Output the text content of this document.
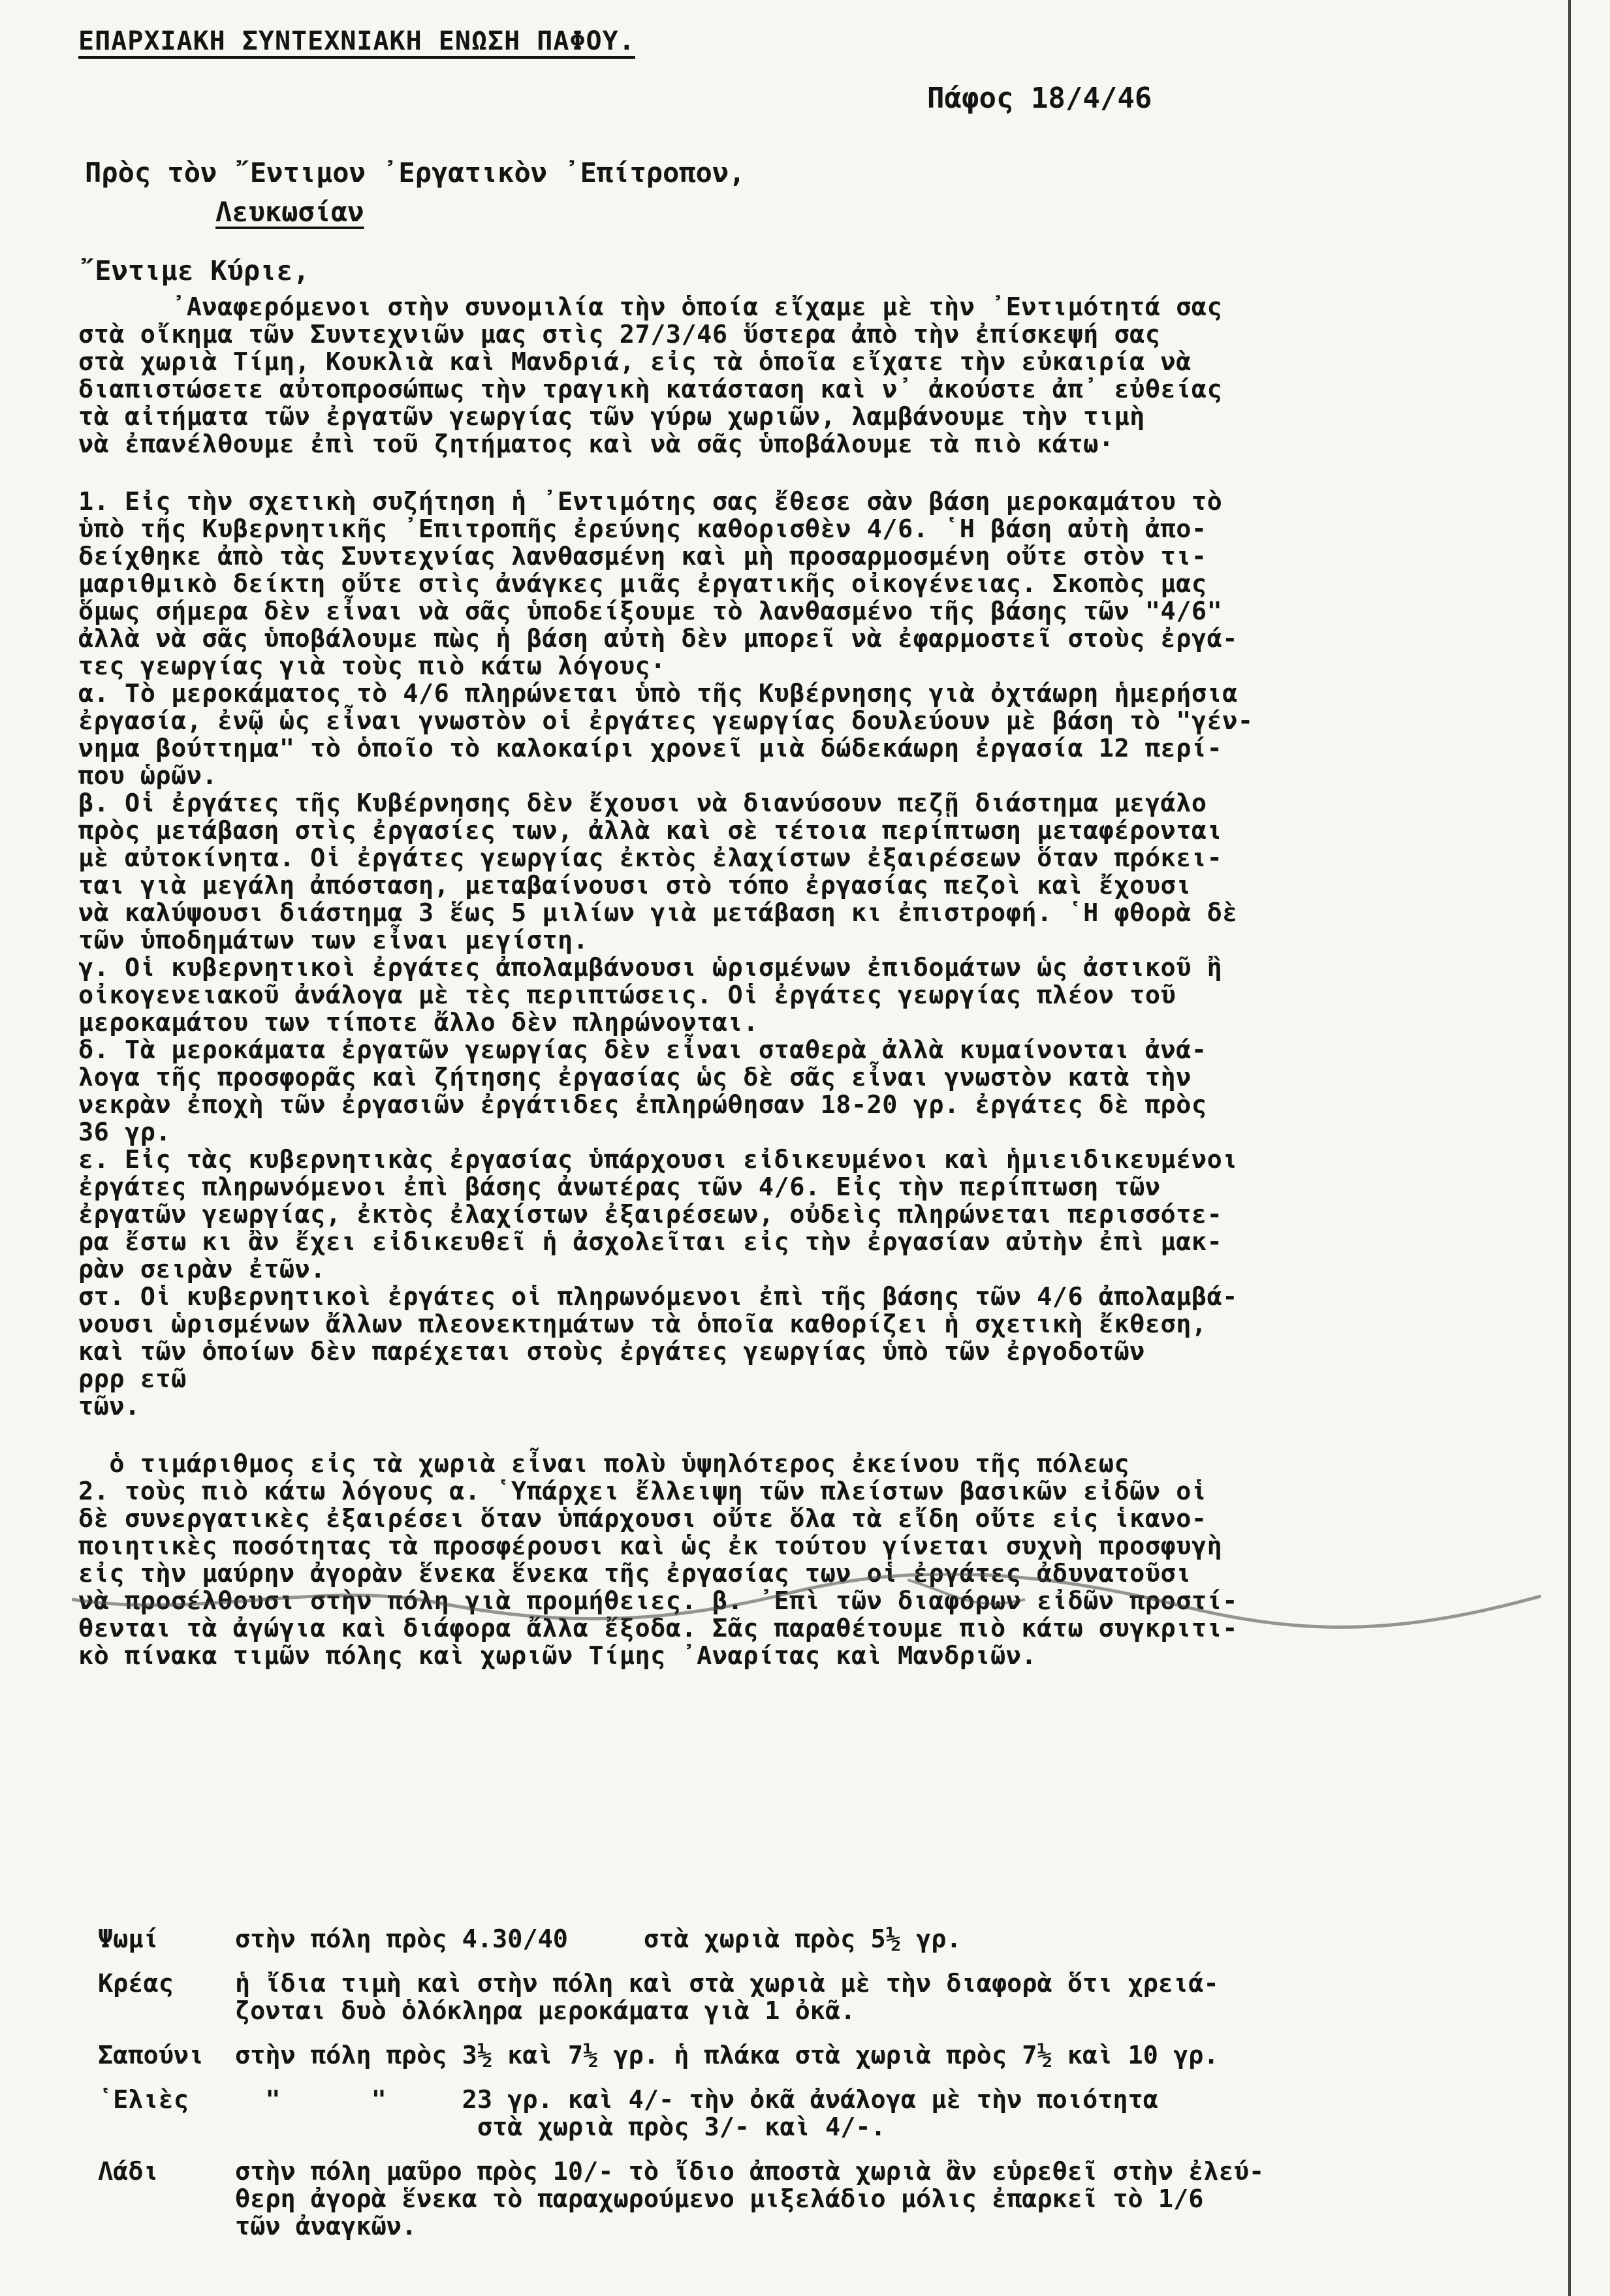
ΕΠΑΡΧΙΑΚΗ ΣΥΝΤΕΧΝΙΑΚΗ ΕΝΩΣΗ ΠΑΦΟΥ.
Πάφος 18/4/46
Πρὸς τὸν ῎Εντιμον ᾿Εργατικὸν ᾿Επίτροπον,
Λευκωσίαν
῎Εντιμε Κύριε,
᾿Αναφερόμενοι στὴν συνομιλία τὴν ὁποία εἴχαμε μὲ τὴν ᾿Εντιμότητά σας
στὰ οἴκημα τῶν Συντεχνιῶν μας στὶς 27/3/46 ὕστερα ἀπὸ τὴν ἐπίσκεψή σας
στὰ χωριὰ Τίμη, Κουκλιὰ καὶ Μανδριά, εἰς τὰ ὁποῖα εἴχατε τὴν εὐκαιρία νὰ
διαπιστώσετε αὐτοπροσώπως τὴν τραγικὴ κατάσταση καὶ ν᾿ ἀκούστε ἀπ᾿ εὐθείας
τὰ αἰτήματα τῶν ἐργατῶν γεωργίας τῶν γύρω χωριῶν, λαμβάνουμε τὴν τιμὴ
νὰ ἐπανέλθουμε ἐπὶ τοῦ ζητήματος καὶ νὰ σᾶς ὑποβάλουμε τὰ πιὸ κάτω·
1. Εἰς τὴν σχετικὴ συζήτηση ἡ ᾿Εντιμότης σας ἔθεσε σὰν βάση μεροκαμάτου τὸ
ὑπὸ τῆς Κυβερνητικῆς ᾿Επιτροπῆς ἐρεύνης καθορισθὲν 4/6. ῾Η βάση αὐτὴ ἀπο-
δείχθηκε ἀπὸ τὰς Συντεχνίας λανθασμένη καὶ μὴ προσαρμοσμένη οὔτε στὸν τι-
μαριθμικὸ δείκτη οὔτε στὶς ἀνάγκες μιᾶς ἐργατικῆς οἰκογένειας. Σκοπὸς μας
ὅμως σήμερα δὲν εἶναι νὰ σᾶς ὑποδείξουμε τὸ λανθασμένο τῆς βάσης τῶν "4/6"
ἀλλὰ νὰ σᾶς ὑποβάλουμε πὼς ἡ βάση αὐτὴ δὲν μπορεῖ νὰ ἐφαρμοστεῖ στοὺς ἐργά-
τες γεωργίας γιὰ τοὺς πιὸ κάτω λόγους·
α. Τὸ μεροκάματος τὸ 4/6 πληρώνεται ὑπὸ τῆς Κυβέρνησης γιὰ ὀχτάωρη ἡμερήσια
ἐργασία, ἐνῷ ὡς εἶναι γνωστὸν οἱ ἐργάτες γεωργίας δουλεύουν μὲ βάση τὸ "γέν-
νημα βούττημα" τὸ ὁποῖο τὸ καλοκαίρι χρονεῖ μιὰ δώδεκάωρη ἐργασία 12 περί-
που ὡρῶν.
β. Οἱ ἐργάτες τῆς Κυβέρνησης δὲν ἔχουσι νὰ διανύσουν πεζῇ διάστημα μεγάλο
πρὸς μετάβαση στὶς ἐργασίες των, ἀλλὰ καὶ σὲ τέτοια περίπτωση μεταφέρονται
μὲ αὐτοκίνητα. Οἱ ἐργάτες γεωργίας ἐκτὸς ἐλαχίστων ἐξαιρέσεων ὅταν πρόκει-
ται γιὰ μεγάλη ἀπόσταση, μεταβαίνουσι στὸ τόπο ἐργασίας πεζοὶ καὶ ἔχουσι
νὰ καλύψουσι διάστημα 3 ἕως 5 μιλίων γιὰ μετάβαση κι ἐπιστροφή. ῾Η φθορὰ δὲ
τῶν ὑποδημάτων των εἶναι μεγίστη.
γ. Οἱ κυβερνητικοὶ ἐργάτες ἀπολαμβάνουσι ὡρισμένων ἐπιδομάτων ὡς ἀστικοῦ ἢ
οἰκογενειακοῦ ἀνάλογα μὲ τὲς περιπτώσεις. Οἱ ἐργάτες γεωργίας πλέον τοῦ
μεροκαμάτου των τίποτε ἄλλο δὲν πληρώνονται.
δ. Τὰ μεροκάματα ἐργατῶν γεωργίας δὲν εἶναι σταθερὰ ἀλλὰ κυμαίνονται ἀνά-
λογα τῆς προσφορᾶς καὶ ζήτησης ἐργασίας ὡς δὲ σᾶς εἶναι γνωστὸν κατὰ τὴν
νεκρὰν ἐποχὴ τῶν ἐργασιῶν ἐργάτιδες ἐπληρώθησαν 18-20 γρ. ἐργάτες δὲ πρὸς
36 γρ.
ε. Εἰς τὰς κυβερνητικὰς ἐργασίας ὑπάρχουσι εἰδικευμένοι καὶ ἡμιειδικευμένοι
ἐργάτες πληρωνόμενοι ἐπὶ βάσης ἀνωτέρας τῶν 4/6. Εἰς τὴν περίπτωση τῶν
ἐργατῶν γεωργίας, ἐκτὸς ἐλαχίστων ἐξαιρέσεων, οὐδεὶς πληρώνεται περισσότε-
ρα ἔστω κι ἂν ἔχει εἰδικευθεῖ ἡ ἀσχολεῖται εἰς τὴν ἐργασίαν αὐτὴν ἐπὶ μακ-
ρὰν σειρὰν ἐτῶν.
στ. Οἱ κυβερνητικοὶ ἐργάτες οἱ πληρωνόμενοι ἐπὶ τῆς βάσης τῶν 4/6 ἀπολαμβά-
νουσι ὡρισμένων ἄλλων πλεονεκτημάτων τὰ ὁποῖα καθορίζει ἡ σχετικὴ ἔκθεση,
καὶ τῶν ὁποίων δὲν παρέχεται στοὺς ἐργάτες γεωργίας ὑπὸ τῶν ἐργοδοτῶν
ρρρ ετῶ
τῶν.
ὁ τιμάριθμος εἰς τὰ χωριὰ εἶναι πολὺ ὑψηλότερος ἐκείνου τῆς πόλεως
2. τοὺς πιὸ κάτω λόγους α. ῾Υπάρχει ἔλλειψη τῶν πλείστων βασικῶν εἰδῶν οἱ
δὲ συνεργατικὲς ἐξαιρέσει ὅταν ὑπάρχουσι οὔτε ὅλα τὰ εἴδη οὔτε εἰς ἱκανο-
ποιητικὲς ποσότητας τὰ προσφέρουσι καὶ ὡς ἐκ τούτου γίνεται συχνὴ προσφυγὴ
εἰς τὴν μαύρην ἀγορὰν ἕνεκα ἕνεκα τῆς ἐργασίας των οἱ ἐργάτες ἀδυνατοῦσι
νὰ προσέλθουσι στὴν πόλη γιὰ προμήθειες. β. ᾿Επὶ τῶν διαφόρων εἰδῶν προστί-
θενται τὰ ἀγώγια καὶ διάφορα ἄλλα ἔξοδα. Σᾶς παραθέτουμε πιὸ κάτω συγκριτι-
κὸ πίνακα τιμῶν πόλης καὶ χωριῶν Τίμης ᾿Αναρίτας καὶ Μανδριῶν.
Ψωμί	στὴν πόλη πρὸς 4.30/40     στὰ χωριὰ πρὸς 5½ γρ.
Κρέας	ἡ ἴδια τιμὴ καὶ στὴν πόλη καὶ στὰ χωριὰ μὲ τὴν διαφορὰ ὅτι χρειά-
ζονται δυὸ ὁλόκληρα μεροκάματα γιὰ 1 ὀκᾶ.
Σαπούνι	στὴν πόλη πρὸς 3½ καὶ 7½ γρ. ἡ πλάκα στὰ χωριὰ πρὸς 7½ καὶ 10 γρ.
῾Ελιὲς	"      "     23 γρ. καὶ 4/- τὴν ὀκᾶ ἀνάλογα μὲ τὴν ποιότητα
στὰ χωριὰ πρὸς 3/- καὶ 4/-.
Λάδι	στὴν πόλη μαῦρο πρὸς 10/- τὸ ἴδιο ἀποστὰ χωριὰ ἂν εὑρεθεῖ στὴν ἐλεύ-
θερη ἀγορὰ ἕνεκα τὸ παραχωρούμενο μιξελάδιο μόλις ἐπαρκεῖ τὸ 1/6
τῶν ἀναγκῶν.
